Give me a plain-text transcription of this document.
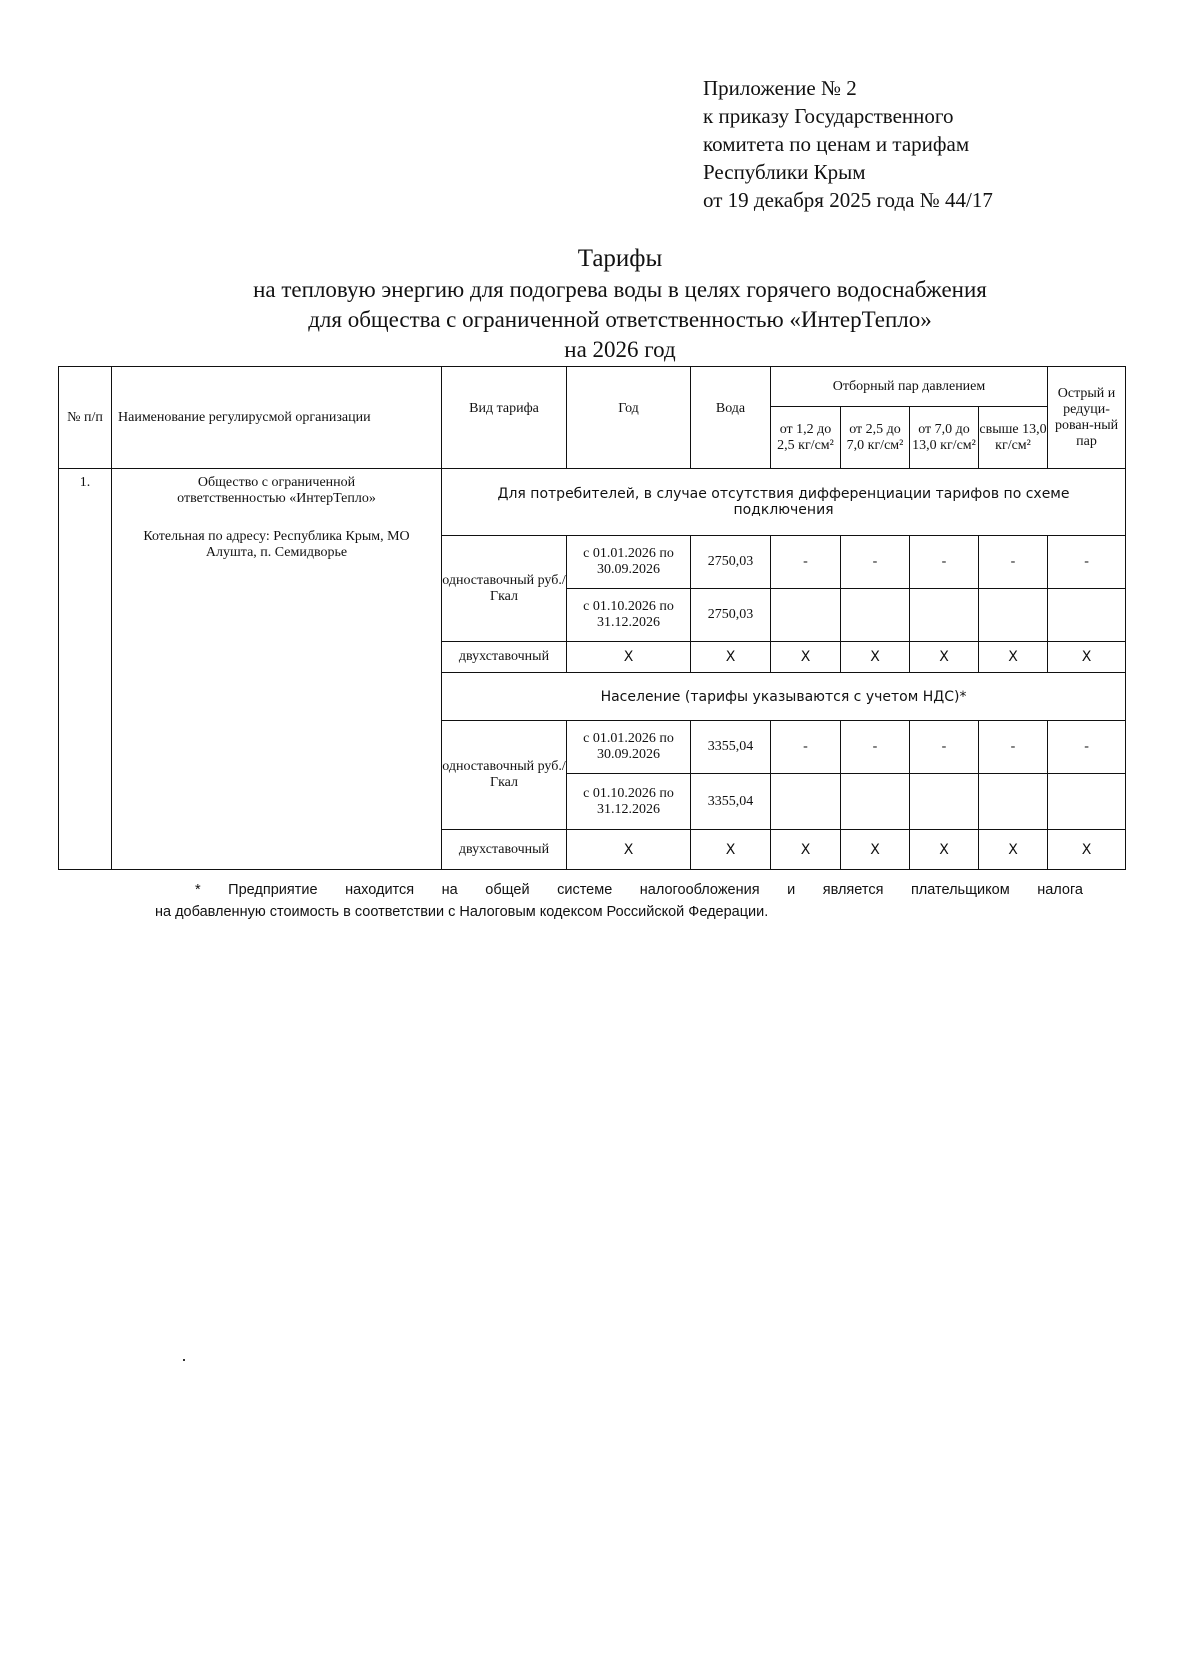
Приложение № 2
к приказу Государственного
комитета по ценам и тарифам
Республики Крым
от 19 декабря 2025 года № 44/17
Тарифы
на тепловую энергию для подогрева воды в целях горячего водоснабжения
для общества с ограниченной ответственностью «ИнтерТепло»
на 2026 год
№ п/п	Наименование регулирусмой организации	Вид тарифа	Год	Вода	Отборный пар давлением				Острый и редуци-рован-ный пар
					от 1,2 до 2,5 кг/см²	от 2,5 до 7,0 кг/см²	от 7,0 до 13,0 кг/см²	свыше 13,0 кг/см²	
1.	Общество с ограниченной ответственностью «ИнтерТепло»
Котельная по адресу: Республика Крым, МО Алушта, п. Семидворье	Для потребителей, в случае отсутствия дифференциации тарифов по схеме подключения							
		одноставочный руб./Гкал	с 01.01.2026 по 30.09.2026	2750,03	-	-	-	-	-
			с 01.10.2026 по 31.12.2026	2750,03					
		двухставочный	X	X	X	X	X	X	X
		Население (тарифы указываются с учетом НДС)*							
		одноставочный руб./Гкал	с 01.01.2026 по 30.09.2026	3355,04	-	-	-	-	-
			с 01.10.2026 по 31.12.2026	3355,04					
		двухставочный	X	X	X	X	X	X	X
* Предприятие находится на общей системе налогообложения и является плательщиком налога
на добавленную стоимость в соответствии с Налоговым кодексом Российской Федерации.
